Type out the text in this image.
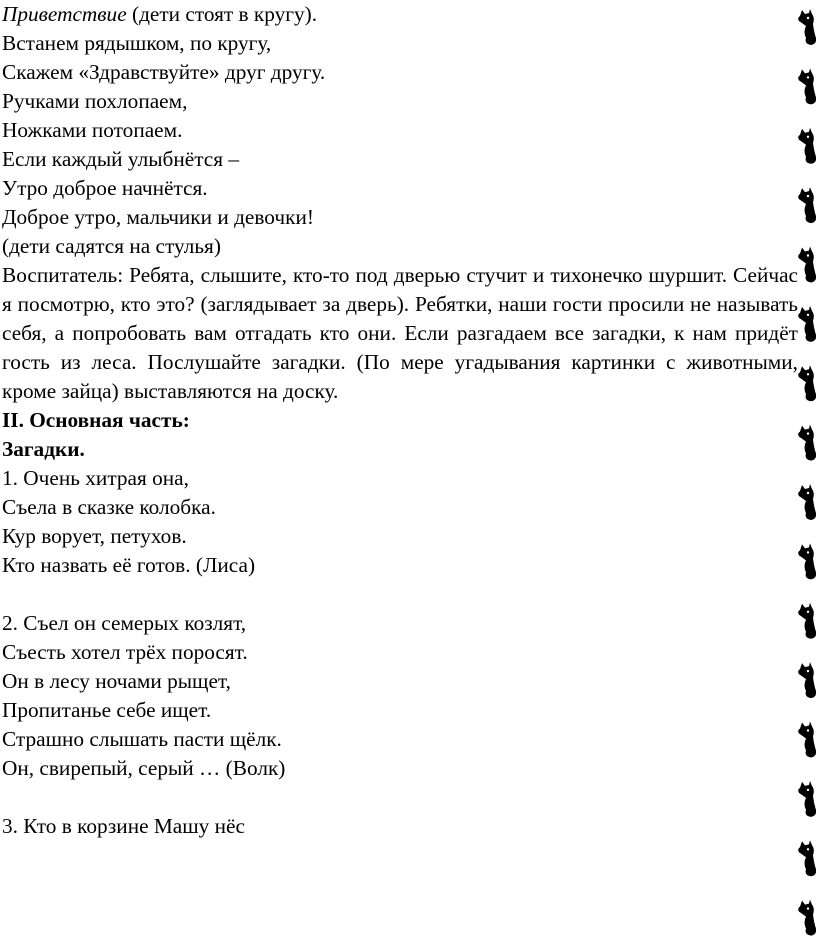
Приветствие (дети стоят в кругу).
Встанем рядышком, по кругу,
Скажем «Здравствуйте» друг другу.
Ручками похлопаем,
Ножками потопаем.
Если каждый улыбнётся –
Утро доброе начнётся.
Доброе утро, мальчики и девочки!
(дети садятся на стулья)
Воспитатель: Ребята, слышите, кто-то под дверью стучит и тихонечко шуршит. Сейчас я посмотрю, кто это? (заглядывает за дверь). Ребятки, наши гости просили не называть себя, а попробовать вам отгадать кто они. Если разгадаем все загадки, к нам придёт гость из леса. Послушайте загадки. (По мере угадывания картинки с животными, кроме зайца) выставляются на доску.
II. Основная часть:
Загадки.
1. Очень хитрая она,
Съела в сказке колобка.
Кур ворует, петухов.
Кто назвать её готов. (Лиса)
2. Съел он семерых козлят,
Съесть хотел трёх поросят.
Он в лесу ночами рыщет,
Пропитанье себе ищет.
Страшно слышать пасти щёлк.
Он, свирепый, серый … (Волк)
3. Кто в корзине Машу нёс
